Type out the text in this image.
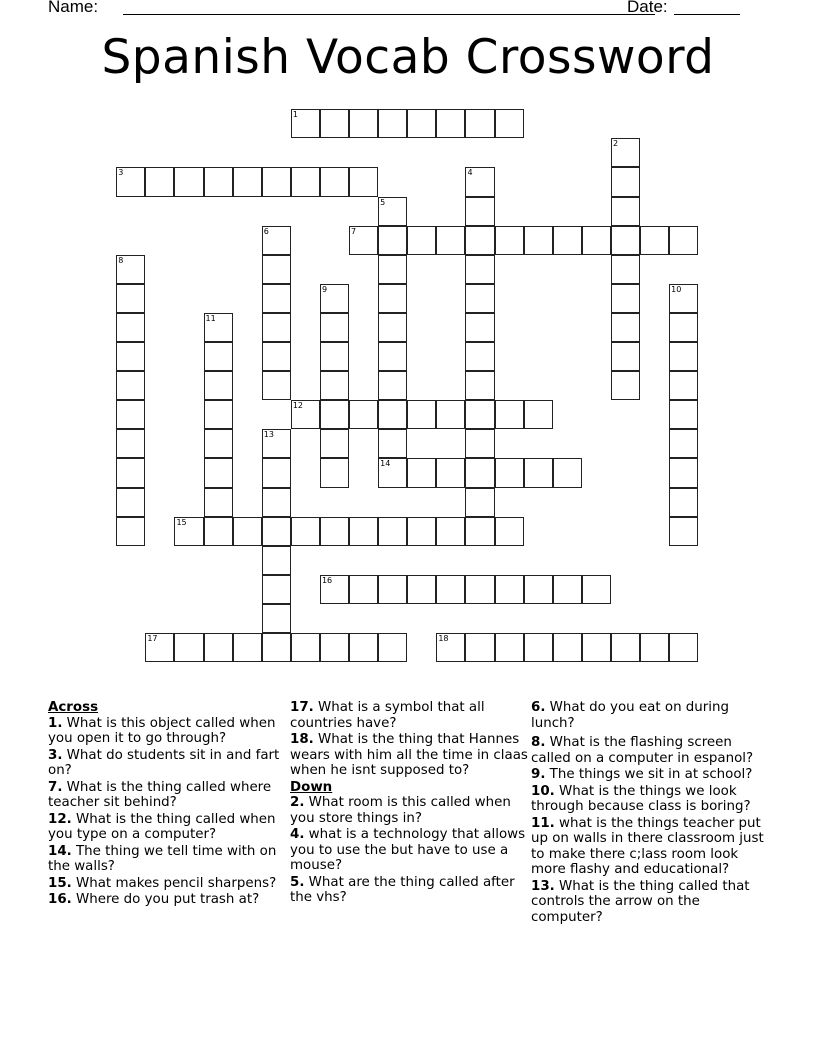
Name:	Date:
Spanish Vocab Crossword
1
3
7
12
14
15
16
17	18
2
4
5
6
8
9	10
11
13
Across
1. What is this object called when you open it to go through?
3. What do students sit in and fart on?
7. What is the thing called where teacher sit behind?
12. What is the thing called when you type on a computer?
14. The thing we tell time with on the walls?
15. What makes pencil sharpens?
16. Where do you put trash at?
17. What is a symbol that all countries have?
18. What is the thing that Hannes wears with him all the time in claas when he isnt supposed to?
Down
2. What room is this called when you store things in?
4. what is a technology that allows you to use the but have to use a mouse?
5. What are the thing called after the vhs?
6. What do you eat on during lunch?
8. What is the flashing screen called on a computer in espanol?
9. The things we sit in at school?
10. What is the things we look through because class is boring?
11. what is the things teacher put up on walls in there classroom just to make there c;lass room look more flashy and educational?
13. What is the thing called that controls the arrow on the computer?
